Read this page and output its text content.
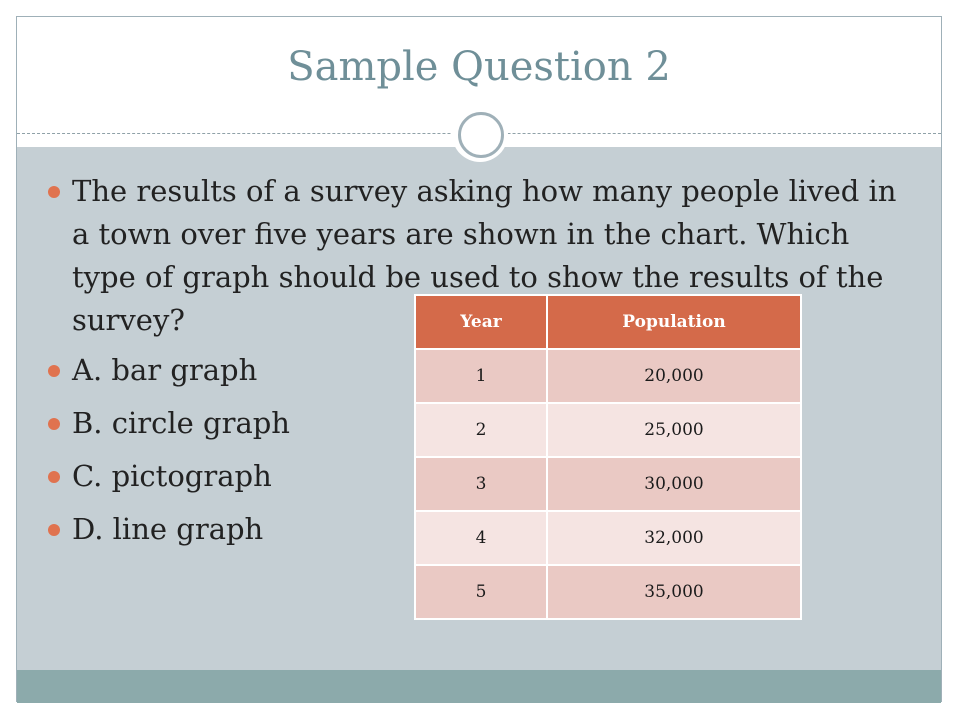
Sample Question 2
The results of a survey asking how many people lived in a town over five years are shown in the chart. Which type of graph should be used to show the results of the survey?
A. bar graph
B. circle graph
C. pictograph
D. line graph
Year	Population
1	20,000
2	25,000
3	30,000
4	32,000
5	35,000
